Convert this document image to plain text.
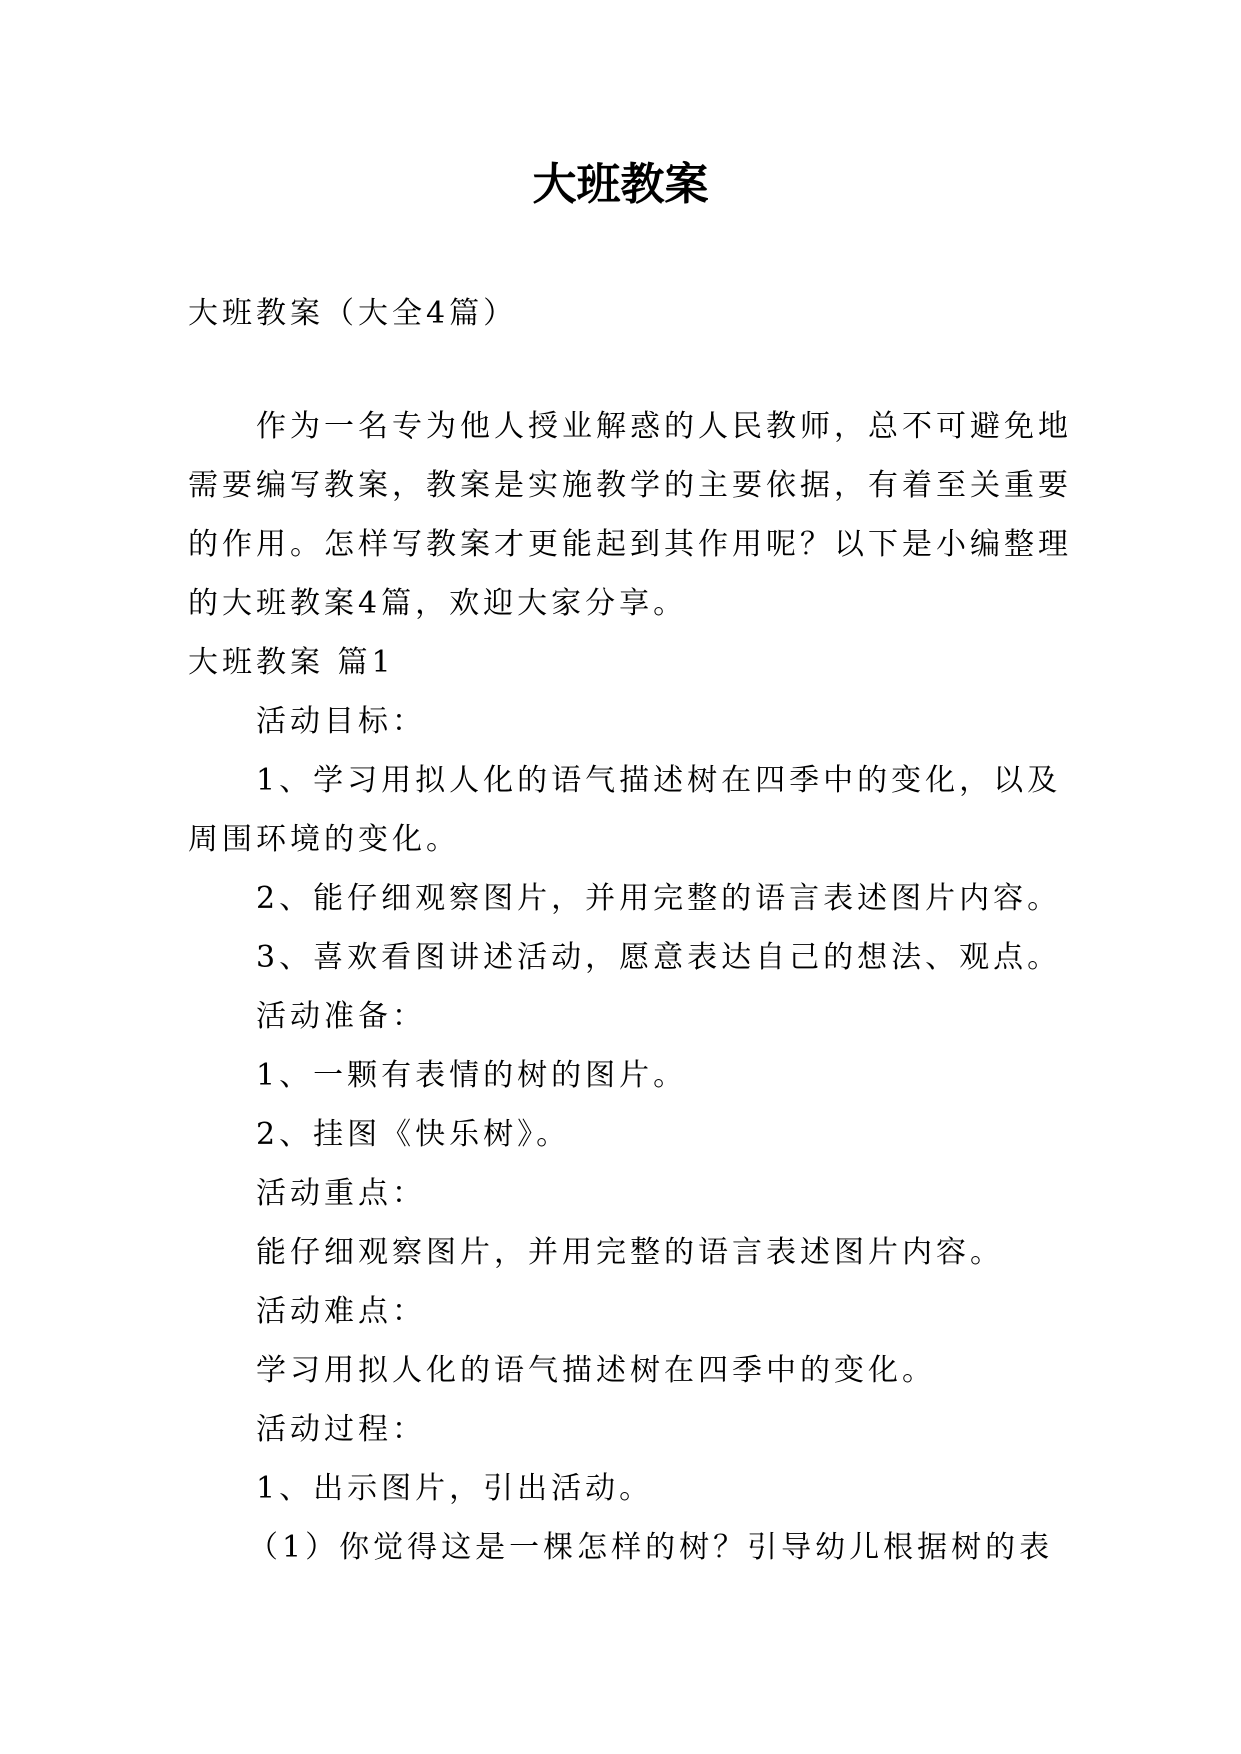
大班教案
大班教案（大全4篇）
作为一名专为他人授业解惑的人民教师，总不可避免地
需要编写教案，教案是实施教学的主要依据，有着至关重要
的作用。怎样写教案才更能起到其作用呢？以下是小编整理
的大班教案4篇，欢迎大家分享。
大班教案 篇1
活动目标：
1、学习用拟人化的语气描述树在四季中的变化，以及
周围环境的变化。
2、能仔细观察图片，并用完整的语言表述图片内容。
3、喜欢看图讲述活动，愿意表达自己的想法、观点。
活动准备：
1、一颗有表情的树的图片。
2、挂图《快乐树》。
活动重点：
能仔细观察图片，并用完整的语言表述图片内容。
活动难点：
学习用拟人化的语气描述树在四季中的变化。
活动过程：
1、出示图片，引出活动。
（1）你觉得这是一棵怎样的树？引导幼儿根据树的表
